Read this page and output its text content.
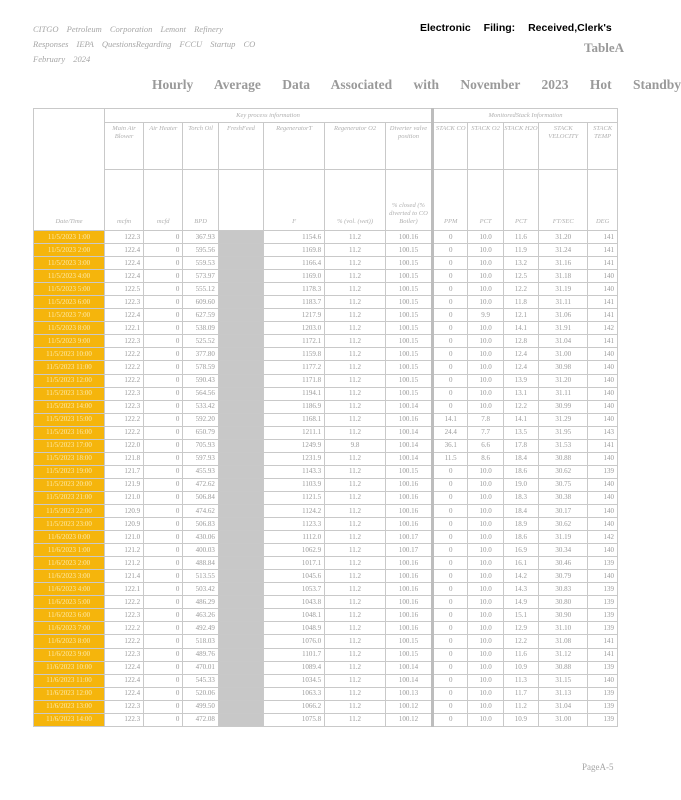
CITGO Petroleum Corporation Lemont Refinery
Responses IEPA QuestionsRegarding FCCU Startup CO
February 2024
Electronic Filing: Received,Clerk's
TableA
Hourly Average Data Associated with November 2023 Hot Standby
Date/Time	Key process information							MonitoredStack Information				
	Main Air Blower	Air Heater	Torch Oil	FreshFeed	RegeneratorT	Regenerator O2	Diverter valve position	STACK CO	STACK O2	STACK H2O	STACK VELOCITY	STACK TEMP
	mcfm	mcfd	BPD		F	% (vol. (wet))	% closed (% diverted to CO Boiler)	PPM	PCT	PCT	FT/SEC	DEG
11/5/2023 1:00	122.3	0	367.93		1154.6	11.2	100.16	0	10.0	11.6	31.20	141
11/5/2023 2:00	122.4	0	595.56		1169.8	11.2	100.15	0	10.0	11.9	31.24	141
11/5/2023 3:00	122.4	0	559.53		1166.4	11.2	100.15	0	10.0	13.2	31.16	141
11/5/2023 4:00	122.4	0	573.97		1169.0	11.2	100.15	0	10.0	12.5	31.18	140
11/5/2023 5:00	122.5	0	555.12		1178.3	11.2	100.15	0	10.0	12.2	31.19	140
11/5/2023 6:00	122.3	0	609.60		1183.7	11.2	100.15	0	10.0	11.8	31.11	141
11/5/2023 7:00	122.4	0	627.59		1217.9	11.2	100.15	0	9.9	12.1	31.06	141
11/5/2023 8:00	122.1	0	538.09		1203.0	11.2	100.15	0	10.0	14.1	31.91	142
11/5/2023 9:00	122.3	0	525.52		1172.1	11.2	100.15	0	10.0	12.8	31.04	141
11/5/2023 10:00	122.2	0	377.80		1159.8	11.2	100.15	0	10.0	12.4	31.00	140
11/5/2023 11:00	122.2	0	578.59		1177.2	11.2	100.15	0	10.0	12.4	30.98	140
11/5/2023 12:00	122.2	0	590.43		1171.8	11.2	100.15	0	10.0	13.9	31.20	140
11/5/2023 13:00	122.3	0	564.56		1194.1	11.2	100.15	0	10.0	13.1	31.11	140
11/5/2023 14:00	122.3	0	533.42		1186.9	11.2	100.14	0	10.0	12.2	30.99	140
11/5/2023 15:00	122.2	0	592.20		1168.1	11.2	100.16	14.1	7.8	14.1	31.29	140
11/5/2023 16:00	122.2	0	650.79		1211.1	11.2	100.14	24.4	7.7	13.5	31.95	143
11/5/2023 17:00	122.0	0	705.93		1249.9	9.8	100.14	36.1	6.6	17.8	31.53	141
11/5/2023 18:00	121.8	0	597.93		1231.9	11.2	100.14	11.5	8.6	18.4	30.88	140
11/5/2023 19:00	121.7	0	455.93		1143.3	11.2	100.15	0	10.0	18.6	30.62	139
11/5/2023 20:00	121.9	0	472.62		1103.9	11.2	100.16	0	10.0	19.0	30.75	140
11/5/2023 21:00	121.0	0	506.84		1121.5	11.2	100.16	0	10.0	18.3	30.38	140
11/5/2023 22:00	120.9	0	474.62		1124.2	11.2	100.16	0	10.0	18.4	30.17	140
11/5/2023 23:00	120.9	0	506.83		1123.3	11.2	100.16	0	10.0	18.9	30.62	140
11/6/2023 0:00	121.0	0	430.06		1112.0	11.2	100.17	0	10.0	18.6	31.19	142
11/6/2023 1:00	121.2	0	400.03		1062.9	11.2	100.17	0	10.0	16.9	30.34	140
11/6/2023 2:00	121.2	0	488.84		1017.1	11.2	100.16	0	10.0	16.1	30.46	139
11/6/2023 3:00	121.4	0	513.55		1045.6	11.2	100.16	0	10.0	14.2	30.79	140
11/6/2023 4:00	122.1	0	503.42		1053.7	11.2	100.16	0	10.0	14.3	30.83	139
11/6/2023 5:00	122.2	0	486.29		1043.8	11.2	100.16	0	10.0	14.9	30.80	139
11/6/2023 6:00	122.3	0	463.26		1048.1	11.2	100.16	0	10.0	15.1	30.90	139
11/6/2023 7:00	122.2	0	492.49		1048.9	11.2	100.16	0	10.0	12.9	31.10	139
11/6/2023 8:00	122.2	0	518.03		1076.0	11.2	100.15	0	10.0	12.2	31.08	141
11/6/2023 9:00	122.3	0	489.76		1101.7	11.2	100.15	0	10.0	11.6	31.12	141
11/6/2023 10:00	122.4	0	470.01		1089.4	11.2	100.14	0	10.0	10.9	30.88	139
11/6/2023 11:00	122.4	0	545.33		1034.5	11.2	100.14	0	10.0	11.3	31.15	140
11/6/2023 12:00	122.4	0	520.06		1063.3	11.2	100.13	0	10.0	11.7	31.13	139
11/6/2023 13:00	122.3	0	499.50		1066.2	11.2	100.12	0	10.0	11.2	31.04	139
11/6/2023 14:00	122.3	0	472.08		1075.8	11.2	100.12	0	10.0	10.9	31.00	139
PageA-5
